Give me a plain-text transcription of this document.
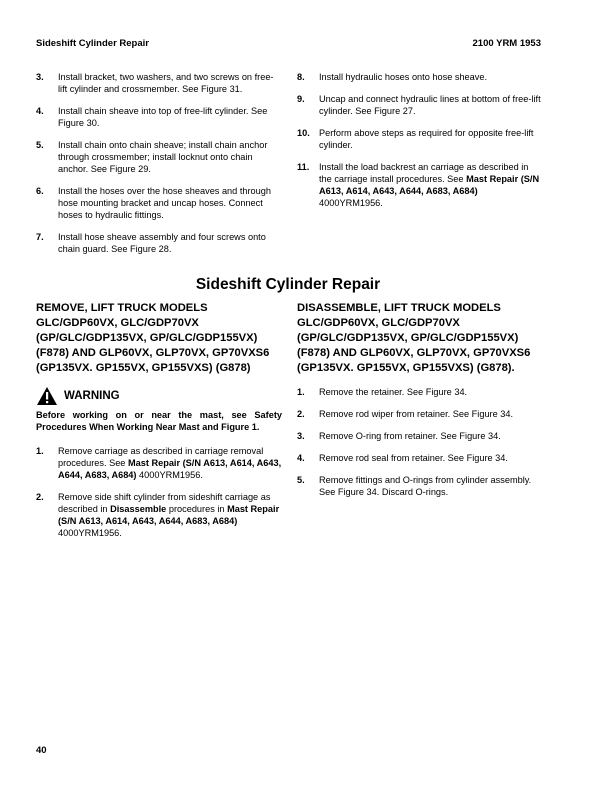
Sideshift Cylinder Repair	2100 YRM 1953
3. Install bracket, two washers, and two screws on free-lift cylinder and crossmember. See Figure 31.
4. Install chain sheave into top of free-lift cylinder. See Figure 30.
5. Install chain onto chain sheave; install chain anchor through crossmember; install locknut onto chain anchor. See Figure 29.
6. Install the hoses over the hose sheaves and through hose mounting bracket and uncap hoses. Connect hoses to hydraulic fittings.
7. Install hose sheave assembly and four screws onto chain guard. See Figure 28.
8. Install hydraulic hoses onto hose sheave.
9. Uncap and connect hydraulic lines at bottom of free-lift cylinder. See Figure 27.
10. Perform above steps as required for opposite free-lift cylinder.
11. Install the load backrest an carriage as described in the carriage install procedures. See Mast Repair (S/N A613, A614, A643, A644, A683, A684) 4000YRM1956.
Sideshift Cylinder Repair
REMOVE, LIFT TRUCK MODELS GLC/GDP60VX, GLC/GDP70VX (GP/GLC/GDP135VX, GP/GLC/GDP155VX) (F878) AND GLP60VX, GLP70VX, GP70VXS6 (GP135VX. GP155VX, GP155VXS) (G878)
WARNING
Before working on or near the mast, see Safety Procedures When Working Near Mast and Figure 1.
1. Remove carriage as described in carriage removal procedures. See Mast Repair (S/N A613, A614, A643, A644, A683, A684) 4000YRM1956.
2. Remove side shift cylinder from sideshift carriage as described in Disassemble procedures in Mast Repair (S/N A613, A614, A643, A644, A683, A684) 4000YRM1956.
DISASSEMBLE, LIFT TRUCK MODELS GLC/GDP60VX, GLC/GDP70VX (GP/GLC/GDP135VX, GP/GLC/GDP155VX) (F878) AND GLP60VX, GLP70VX, GP70VXS6 (GP135VX. GP155VX, GP155VXS) (G878).
1. Remove the retainer. See Figure 34.
2. Remove rod wiper from retainer. See Figure 34.
3. Remove O-ring from retainer. See Figure 34.
4. Remove rod seal from retainer. See Figure 34.
5. Remove fittings and O-rings from cylinder assembly. See Figure 34. Discard O-rings.
40
